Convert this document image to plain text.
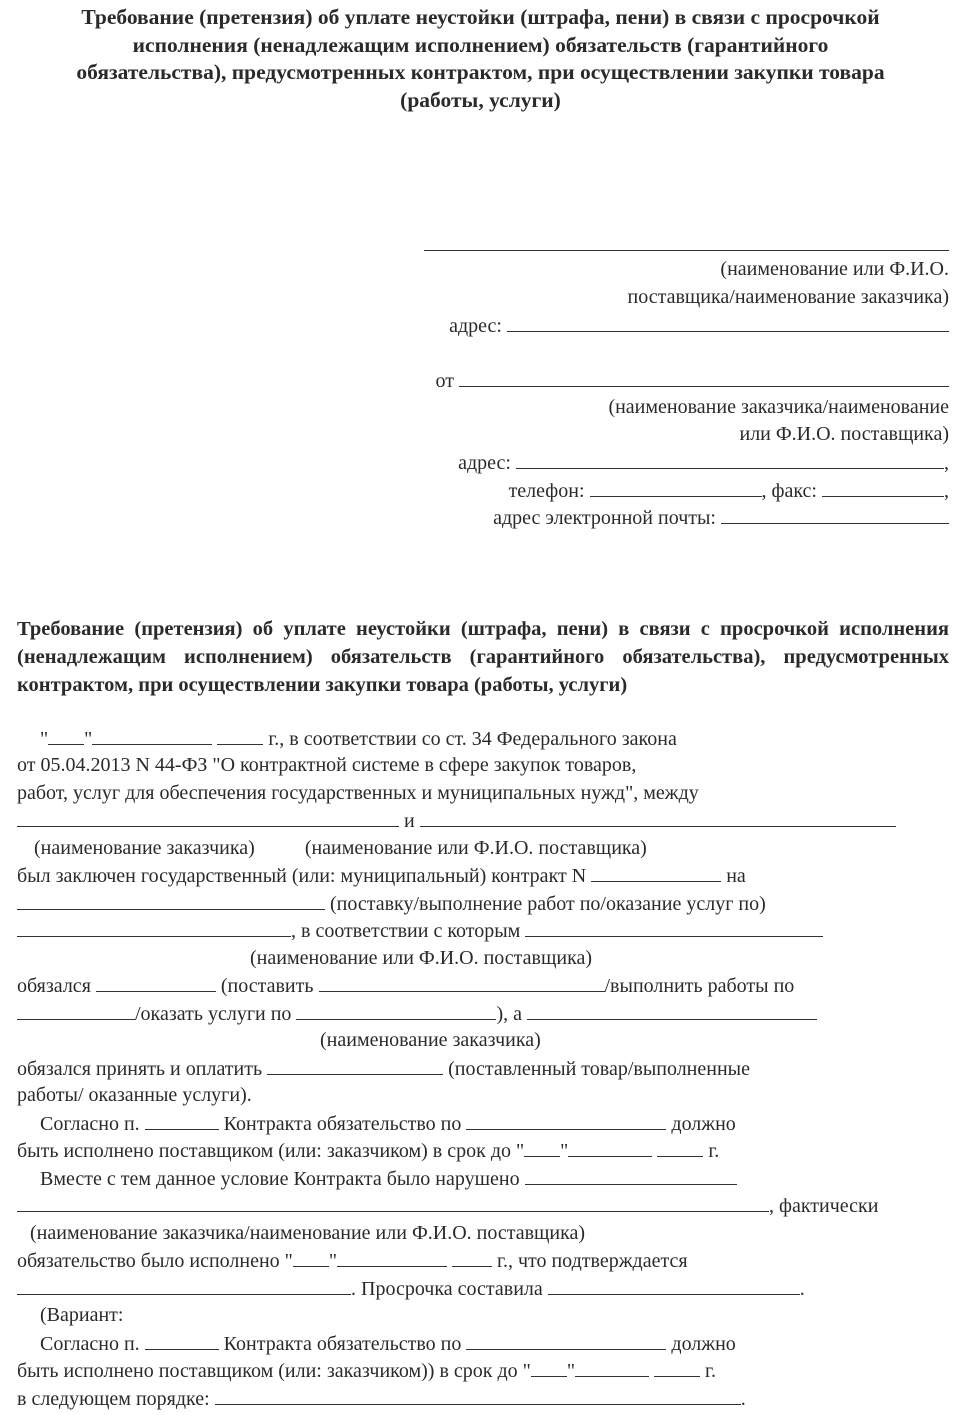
Требование (претензия) об уплате неустойки (штрафа, пени) в связи с просрочкой исполнения (ненадлежащим исполнением) обязательств (гарантийного обязательства), предусмотренных контрактом, при осуществлении закупки товара (работы, услуги)
(наименование или Ф.И.О.
поставщика/наименование заказчика)
адрес:
от
(наименование заказчика/наименование
или Ф.И.О. поставщика)
адрес:	,
телефон:	, факс:	,
адрес электронной почты:
Требование (претензия) об уплате неустойки (штрафа, пени) в связи с просрочкой исполнения (ненадлежащим исполнением) обязательств (гарантийного обязательства), предусмотренных контрактом, при осуществлении закупки товара (работы, услуги)
" "	г., в соответствии со ст. 34 Федерального закона
от 05.04.2013 N 44-ФЗ "О контрактной системе в сфере закупок товаров,
работ, услуг для обеспечения государственных и муниципальных нужд", между
и
(наименование заказчика)	(наименование или Ф.И.О. поставщика)
был заключен государственный (или: муниципальный) контракт N	на
(поставку/выполнение работ по/оказание услуг по)
, в соответствии с которым
(наименование или Ф.И.О. поставщика)
обязался	(поставить	/выполнить работы по
/оказать услуги по	), а
(наименование заказчика)
обязался принять и оплатить	(поставленный товар/выполненные
работы/ оказанные услуги).
Согласно п.	Контракта обязательство по	должно
быть исполнено поставщиком (или: заказчиком) в срок до " "	г.
Вместе с тем данное условие Контракта было нарушено
, фактически
(наименование заказчика/наименование или Ф.И.О. поставщика)
обязательство было исполнено " "	г., что подтверждается
. Просрочка составила	.
(Вариант:
Согласно п.	Контракта обязательство по	должно
быть исполнено поставщиком (или: заказчиком)) в срок до " "	г.
в следующем порядке:	.
